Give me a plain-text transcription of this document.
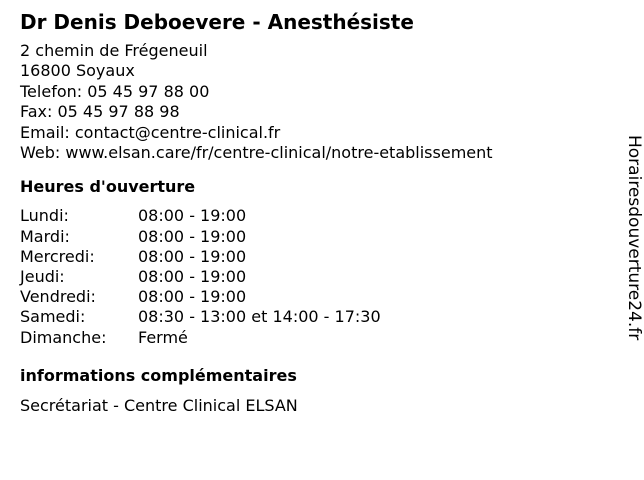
Dr Denis Deboevere - Anesthésiste
2 chemin de Frégeneuil
16800 Soyaux
Telefon: 05 45 97 88 00
Fax: 05 45 97 88 98
Email: contact@centre-clinical.fr
Web: www.elsan.care/fr/centre-clinical/notre-etablissement
Heures d'ouverture
Lundi:	08:00 - 19:00
Mardi:	08:00 - 19:00
Mercredi:	08:00 - 19:00
Jeudi:	08:00 - 19:00
Vendredi:	08:00 - 19:00
Samedi:	08:30 - 13:00 et 14:00 - 17:30
Dimanche:	Fermé
informations complémentaires
Secrétariat - Centre Clinical ELSAN
Horairesdouverture24.fr
